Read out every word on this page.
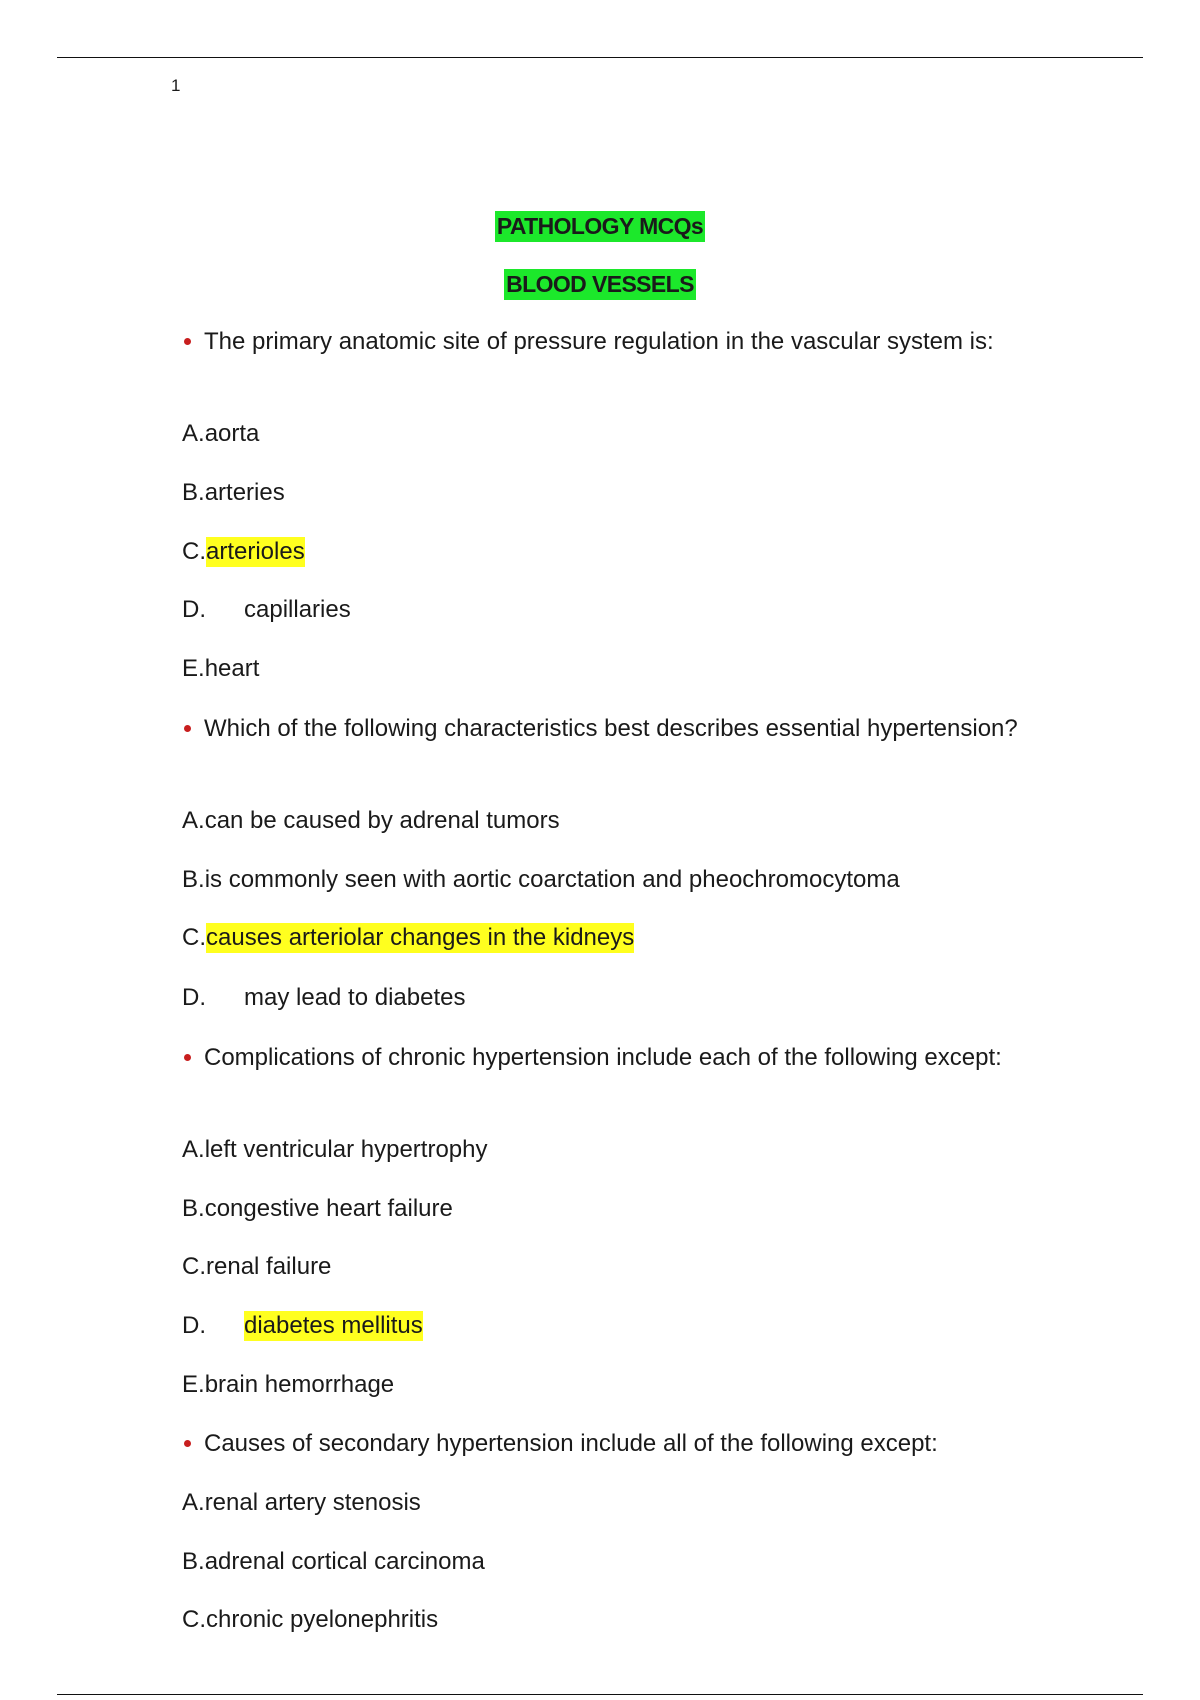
1
PATHOLOGY MCQs
BLOOD VESSELS
The primary anatomic site of pressure regulation in the vascular system is:
A.aorta
B.arteries
C.arterioles
D. capillaries
E.heart
Which of the following characteristics best describes essential hypertension?
A.can be caused by adrenal tumors
B.is commonly seen with aortic coarctation and pheochromocytoma
C.causes arteriolar changes in the kidneys
D. may lead to diabetes
Complications of chronic hypertension include each of the following except:
A.left ventricular hypertrophy
B.congestive heart failure
C.renal failure
D. diabetes mellitus
E.brain hemorrhage
Causes of secondary hypertension include all of the following except:
A.renal artery stenosis
B.adrenal cortical carcinoma
C.chronic pyelonephritis
